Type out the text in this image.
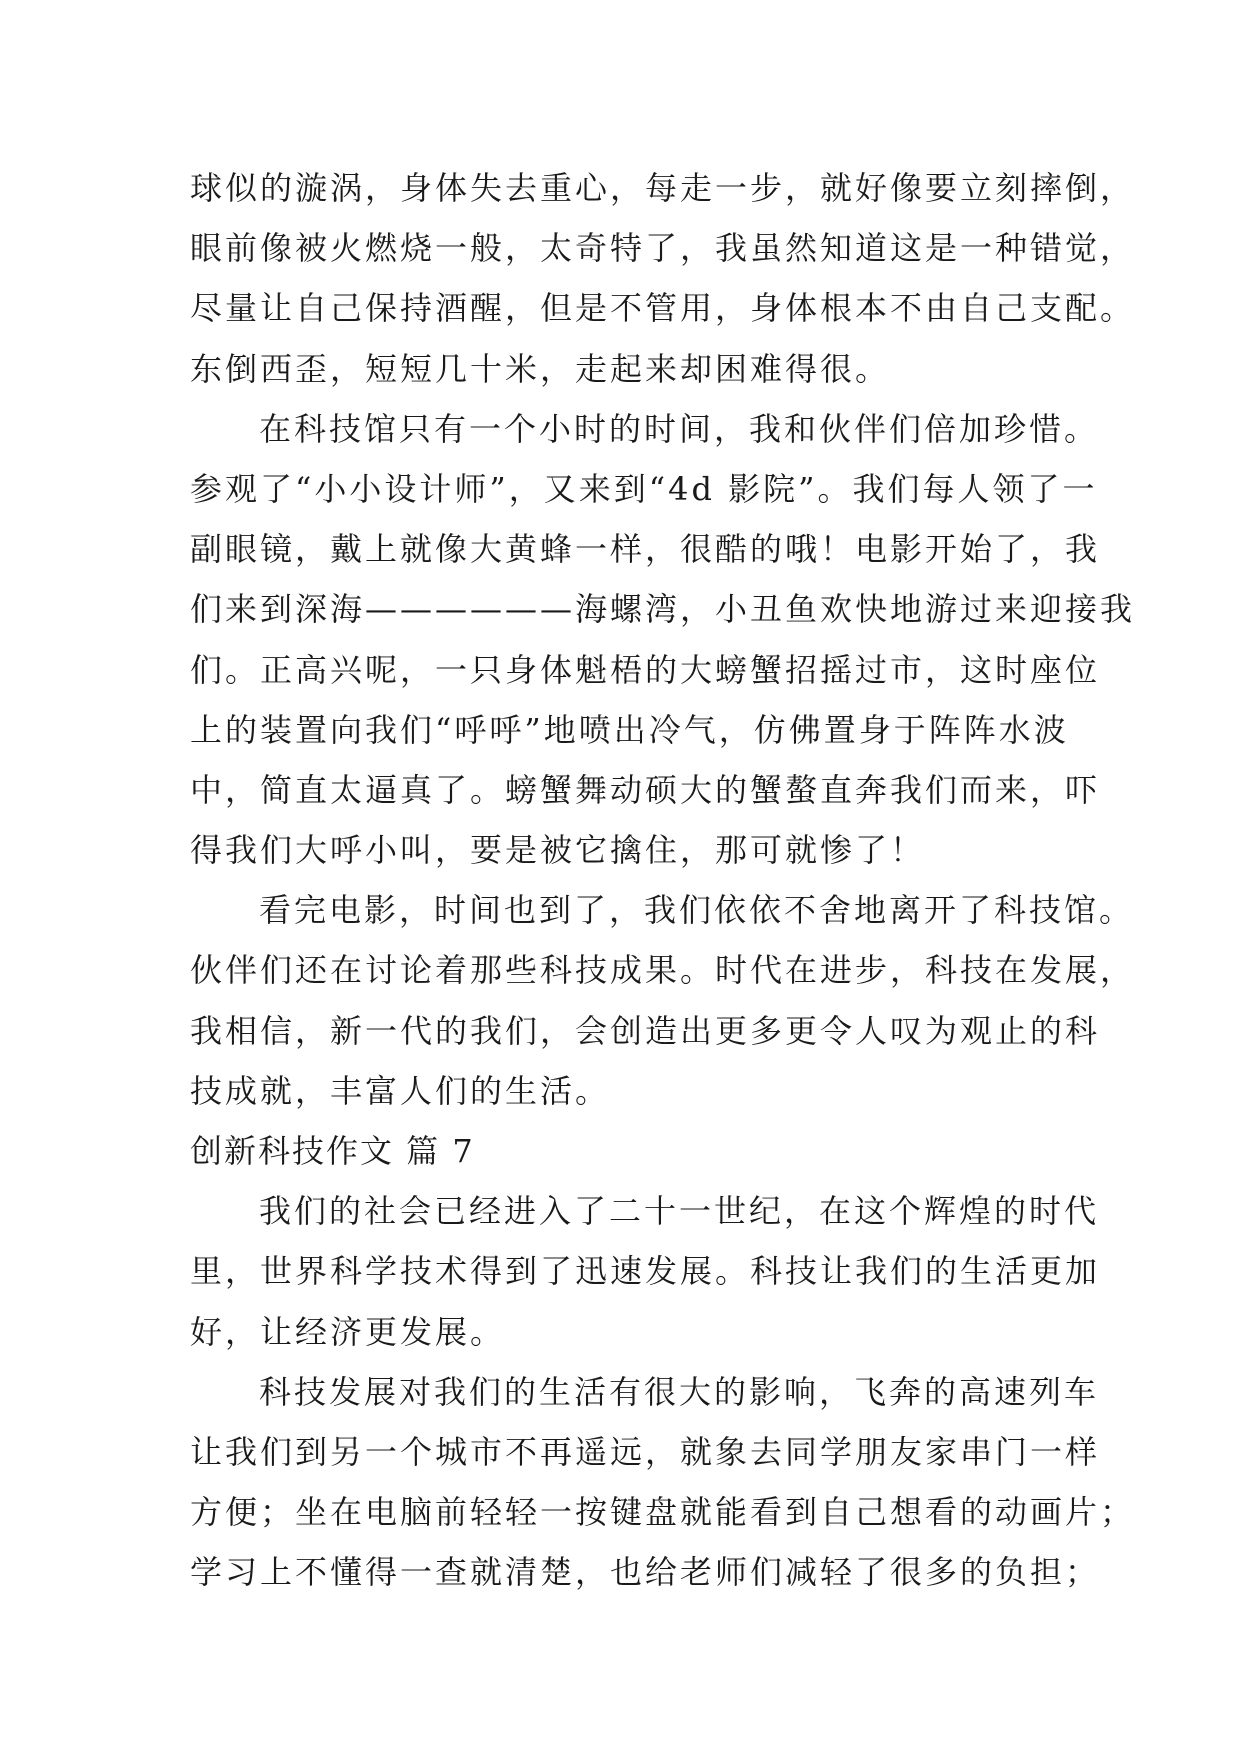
球似的漩涡，身体失去重心，每走一步，就好像要立刻摔倒，
眼前像被火燃烧一般，太奇特了，我虽然知道这是一种错觉，
尽量让自己保持酒醒，但是不管用，身体根本不由自己支配。
东倒西歪，短短几十米，走起来却困难得很。
在科技馆只有一个小时的时间，我和伙伴们倍加珍惜。
参观了“小小设计师”，又来到“4d 影院”。我们每人领了一
副眼镜，戴上就像大黄蜂一样，很酷的哦！电影开始了，我
们来到深海——————海螺湾，小丑鱼欢快地游过来迎接我
们。正高兴呢，一只身体魁梧的大螃蟹招摇过市，这时座位
上的装置向我们“呼呼”地喷出冷气，仿佛置身于阵阵水波
中，简直太逼真了。螃蟹舞动硕大的蟹螯直奔我们而来，吓
得我们大呼小叫，要是被它擒住，那可就惨了！
看完电影，时间也到了，我们依依不舍地离开了科技馆。
伙伴们还在讨论着那些科技成果。时代在进步，科技在发展，
我相信，新一代的我们，会创造出更多更令人叹为观止的科
技成就，丰富人们的生活。
创新科技作文 篇 7
我们的社会已经进入了二十一世纪，在这个辉煌的时代
里，世界科学技术得到了迅速发展。科技让我们的生活更加
好，让经济更发展。
科技发展对我们的生活有很大的影响，飞奔的高速列车
让我们到另一个城市不再遥远，就象去同学朋友家串门一样
方便；坐在电脑前轻轻一按键盘就能看到自己想看的动画片；
学习上不懂得一查就清楚，也给老师们减轻了很多的负担；
